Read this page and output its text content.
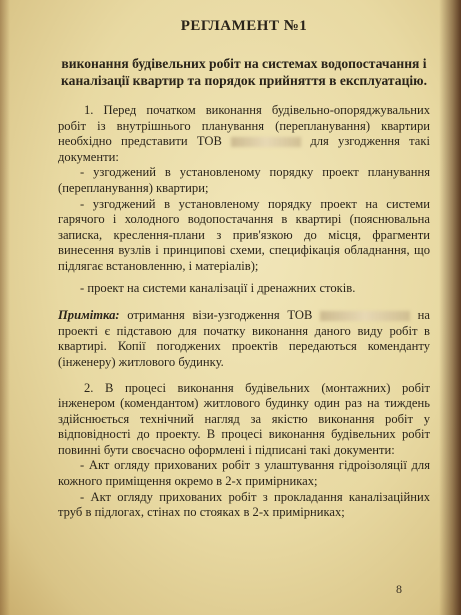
РЕГЛАМЕНТ №1
виконання будівельних робіт на системах водопостачання і каналізації квартир та порядок прийняття в експлуатацію.

1. Перед початком виконання будівельно-опоряджувальних робіт із внутрішнього планування (перепланування) квартири необхідно представити ТОВ	для узгодження такі документи:

- узгоджений в установленому порядку проект планування (перепланування) квартири;

- узгоджений в установленому порядку проект на системи гарячого і холодного водопостачання в квартирі (пояснювальна записка, креслення-плани з прив'язкою до місця, фрагменти винесення вузлів і принципові схеми, специфікація обладнання, що підлягає встановленню, і матеріалів);

- проект на системи каналізації і дренажних стоків.

Примітка: отримання візи-узгодження ТОВ	на проекті є підставою для початку виконання даного виду робіт в квартирі. Копії погоджених проектів передаються коменданту (інженеру) житлового будинку.

2. В процесі виконання будівельних (монтажних) робіт інженером (комендантом) житлового будинку один раз на тиждень здійснюється технічний нагляд за якістю виконання робіт у відповідності до проекту. В процесі виконання будівельних робіт повинні бути своєчасно оформлені і підписані такі документи:

- Акт огляду прихованих робіт з улаштування гідроізоляції для кожного приміщення окремо в 2-х примірниках;

- Акт огляду прихованих робіт з прокладання каналізаційних труб в підлогах, стінах по стояках в 2-х примірниках;

8
